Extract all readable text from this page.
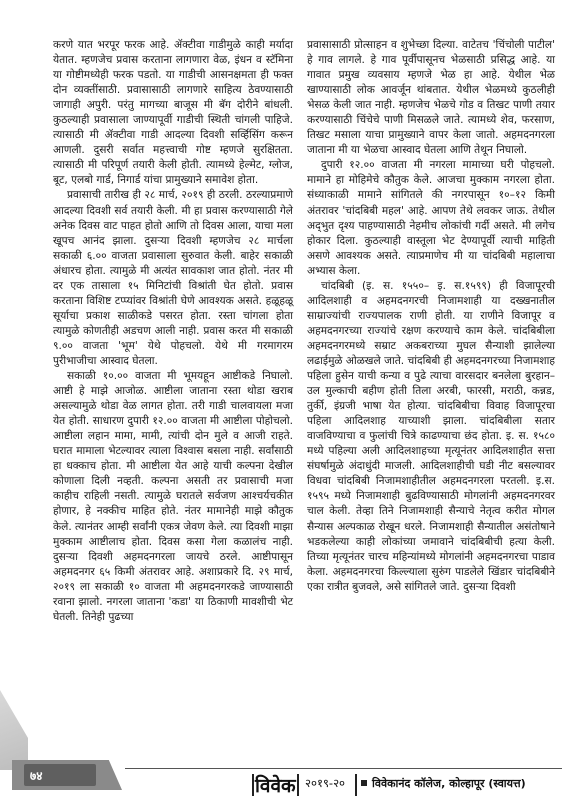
करणे यात भरपूर फरक आहे. ॲक्टीवा गाडीमुळे काही मर्यादा येतात. म्हणजेच प्रवास करताना लागणारा वेळ, इंधन व स्टॅमिना या गोष्टीमध्येही फरक पडतो. या गाडीची आसनक्षमता ही फक्त दोन व्यक्तींसाठी. प्रवासासाठी लागणारे साहित्य ठेवण्यासाठी जागाही अपुरी. परंतु मागच्या बाजूस मी बॅग दोरीने बांधली. कुठल्याही प्रवासाला जाण्यापूर्वी गाडीची स्थिती चांगली पाहिजे. त्यासाठी मी ॲक्टीवा गाडी आदल्या दिवशी सर्व्हिसिंग करून आणली. दुसरी सर्वात महत्त्वाची गोष्ट म्हणजे सुरक्षितता. त्यासाठी मी परिपूर्ण तयारी केली होती. त्यामध्ये हेल्मेट, ग्लोज, बूट, एलबो गार्ड, निगार्ड यांचा प्रामुख्याने समावेश होता.

प्रवासाची तारीख ही २८ मार्च, २०१९ ही ठरली. ठरल्याप्रमाणे आदल्या दिवशी सर्व तयारी केली. मी हा प्रवास करण्यासाठी गेले अनेक दिवस वाट पाहत होतो आणि तो दिवस आला, याचा मला खूपच आनंद झाला. दुसऱ्या दिवशी म्हणजेच २८ मार्चला सकाळी ६.०० वाजता प्रवासाला सुरुवात केली. बाहेर सकाळी अंधारच होता. त्यामुळे मी अत्यंत सावकाश जात होतो. नंतर मी दर एक तासाला १५ मिनिटांची विश्रांती घेत होतो. प्रवास करताना विशिष्ट टप्प्यांवर विश्रांती घेणे आवश्यक असते. हळूहळू सूर्याचा प्रकाश साळीकडे पसरत होता. रस्ता चांगला होता त्यामुळे कोणतीही अडचण आली नाही. प्रवास करत मी सकाळी ९.०० वाजता 'भूम' येथे पोहचलो. येथे मी गरमागरम पुरीभाजीचा आस्वाद घेतला.

सकाळी १०.०० वाजता मी भूमयहून आष्टीकडे निघालो. आष्टी हे माझे आजोळ. आष्टीला जाताना रस्ता थोडा खराब असल्यामुळे थोडा वेळ लागत होता. तरी गाडी चालवायला मजा येत होती. साधारण दुपारी १२.०० वाजता मी आष्टीला पोहोचलो. आष्टीला लहान मामा, मामी, त्यांची दोन मुले व आजी राहते. घरात मामाला भेटल्यावर त्याला विश्वास बसला नाही. सर्वांसाठी हा धक्काच होता. मी आष्टीला येत आहे याची कल्पना देखील कोणाला दिली नव्हती. कल्पना असती तर प्रवासाची मजा काहीच राहिली नसती. त्यामुळे घरातले सर्वजण आश्चर्यचकीत होणार, हे नक्कीच माहित होते. नंतर मामानेही माझे कौतुक केले. त्यानंतर आम्ही सर्वांनी एकत्र जेवण केले. त्या दिवशी माझा मुक्काम आष्टीलाच होता. दिवस कसा गेला कळालंच नाही. दुसऱ्या दिवशी अहमदनगरला जायचे ठरले. आष्टीपासून अहमदनगर ६५ किमी अंतरावर आहे. अशाप्रकारे दि. २९ मार्च, २०१९ ला सकाळी १० वाजता मी अहमदनगरकडे जाण्यासाठी रवाना झालो. नगरला जाताना 'कडा' या ठिकाणी मावशीची भेट घेतली. तिनेही पुढच्या

प्रवासासाठी प्रोत्साहन व शुभेच्छा दिल्या. वाटेतच 'चिंचोली पाटील' हे गाव लागले. हे गाव पूर्वीपासूनच भेळसाठी प्रसिद्ध आहे. या गावात प्रमुख व्यवसाय म्हणजे भेळ हा आहे. येथील भेळ खाण्यासाठी लोक आवर्जून थांबतात. येथील भेळमध्ये कुठलीही भेसळ केली जात नाही. म्हणजेच भेळचे गोड व तिखट पाणी तयार करण्यासाठी चिंचेचे पाणी मिसळले जाते. त्यामध्ये शेव, फरसाण, तिखट मसाला याचा प्रामुख्याने वापर केला जातो. अहमदनगरला जाताना मी या भेळचा आस्वाद घेतला आणि तेथून निघालो.

दुपारी १२.०० वाजता मी नगरला मामाच्या घरी पोहचलो. मामाने हा मोहिमेचे कौतुक केले. आजचा मुक्काम नगरला होता. संध्याकाळी मामाने सांगितले की नगरपासून १०–१२ किमी अंतरावर 'चांदबिबी महल' आहे. आपण तेथे लवकर जाऊ. तेथील अद्‌भुत दृश्य पाहण्यासाठी नेहमीच लोकांची गर्दी असते. मी लगेच होकार दिला. कुठल्याही वास्तूला भेट देण्यापूर्वी त्याची माहिती असणे आवश्यक असते. त्याप्रमाणेच मी या चांदबिबी महालाचा अभ्यास केला.

चांदबिबी (इ. स. १५५०– इ. स.१५९९) ही विजापूरची आदिलशाही व अहमदनगरची निजामशाही या दख्खनातील साम्राज्यांची राज्यपालक राणी होती. या राणीने विजापूर व अहमदनगरच्या राज्यांचे रक्षण करण्याचे काम केले. चांदबिबीला अहमदनगरमध्ये सम्राट अकबराच्या मुघल सैन्याशी झालेल्या लढाईमुळे ओळखले जाते. चांदबिबी ही अहमदनगरच्या निजामशाह पहिला हुसेन याची कन्या व पुढे त्याचा वारसदार बनलेला बुरहान–उल मुल्काची बहीण होती तिला अरबी, फारसी, मराठी, कन्नड, तुर्की, इंग्रजी भाषा येत होत्या. चांदबिबीचा विवाह विजापूरचा पहिला आदिलशाह याच्याशी झाला. चांदबिबीला सतार वाजविण्याचा व फुलांची चित्रे काढण्याचा छंद होता. इ. स. १५८० मध्ये पहिल्या अली आदिलशाहच्या मृत्यूनंतर आदिलशाहीत सत्ता संघर्षामुळे अंदाधुंदी माजली. आदिलशाहीची घडी नीट बसल्यावर विधवा चांदबिबी निजामशाहीतील अहमदनगरला परतली. इ.स. १५९५ मध्ये निजामशाही बुढविण्यासाठी मोगलांनी अहमदनगरवर चाल केली. तेव्हा तिने निजामशाही सैन्याचे नेतृत्व करीत मोगल सैन्यास अल्पकाळ रोखून धरले. निजामशाही सैन्यातील असंतोषाने भडकलेल्या काही लोकांच्या जमावाने चांदबिबीची हत्या केली. तिच्या मृत्यूनंतर चारच महिन्यांमध्ये मोगलांनी अहमदनगरचा पाडाव केला. अहमदनगरचा किल्ल्याला सुरुंग पाडलेले खिंडार चांदबिबीने एका रात्रीत बुजवले, असे सांगितले जाते. दुसऱ्या दिवशी

७४	विवेक २०१९-२० विवेकानंद कॉलेज, कोल्हापूर (स्वायत्त)
